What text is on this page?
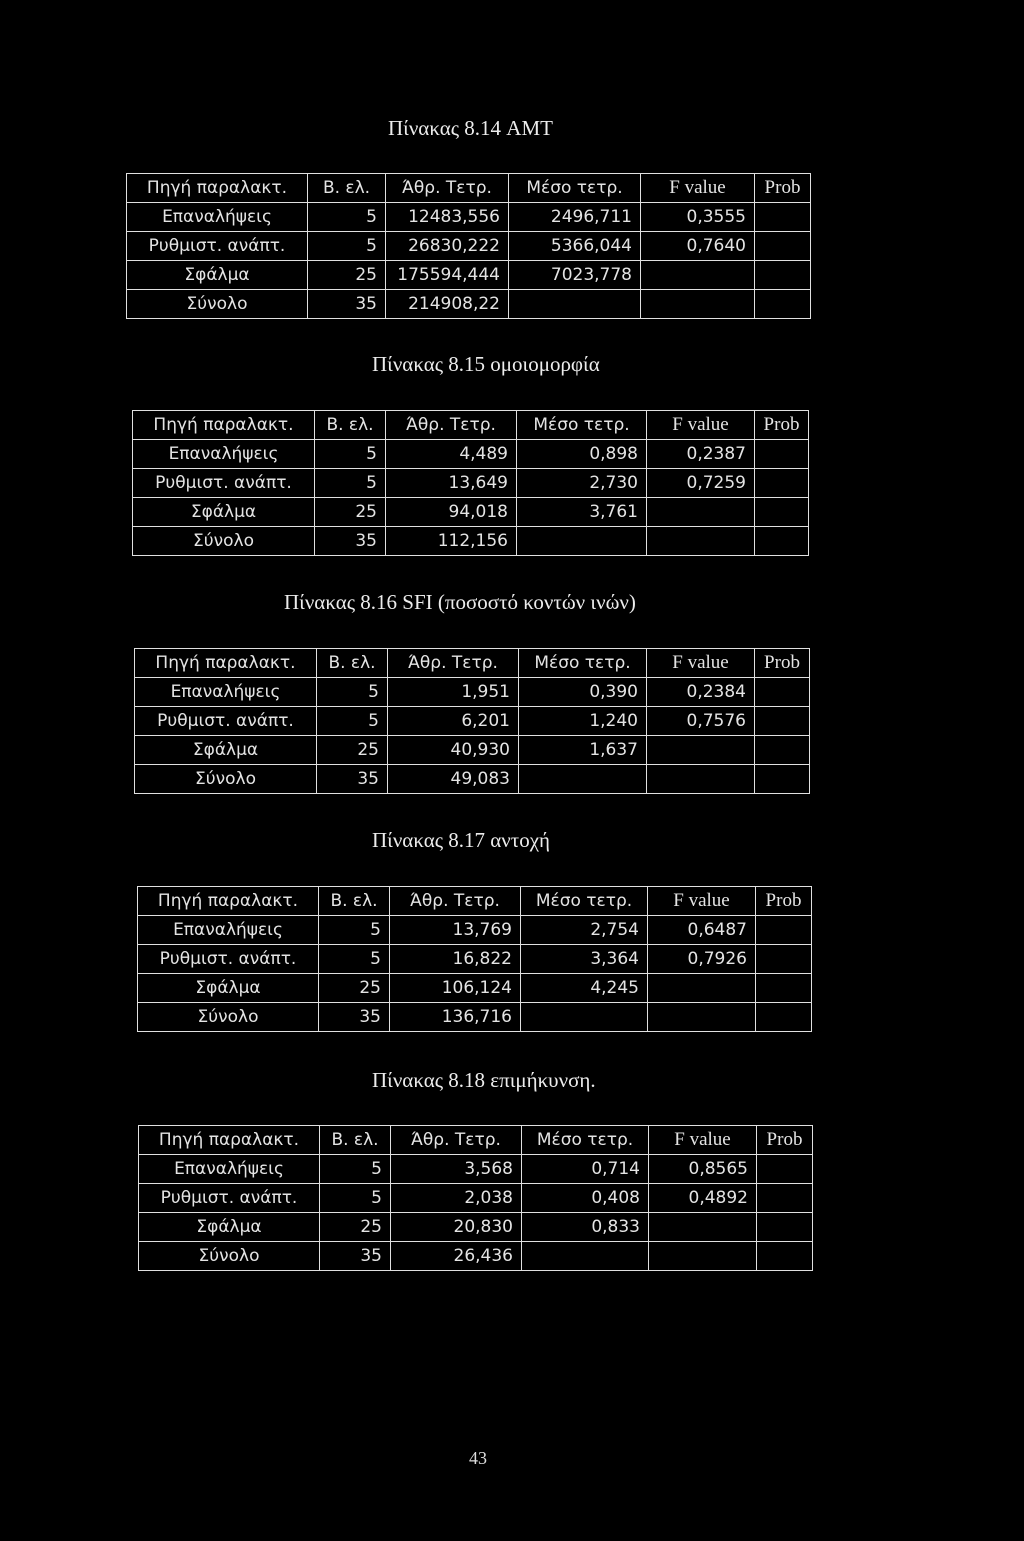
Πίνακας 8.14 AMT
Πηγή παραλακτ.	Β. ελ.	Άθρ. Τετρ.	Μέσο τετρ.	F value	Prob
Επαναλήψεις	5	12483,556	2496,711	0,3555	
Ρυθμιστ. ανάπτ.	5	26830,222	5366,044	0,7640	
Σφάλμα	25	175594,444	7023,778		
Σύνολο	35	214908,22			
Πίνακας 8.15 ομοιομορφία
Πηγή παραλακτ.	Β. ελ.	Άθρ. Τετρ.	Μέσο τετρ.	F value	Prob
Επαναλήψεις	5	4,489	0,898	0,2387	
Ρυθμιστ. ανάπτ.	5	13,649	2,730	0,7259	
Σφάλμα	25	94,018	3,761		
Σύνολο	35	112,156			
Πίνακας 8.16 SFI (ποσοστό κοντών ινών)
Πηγή παραλακτ.	Β. ελ.	Άθρ. Τετρ.	Μέσο τετρ.	F value	Prob
Επαναλήψεις	5	1,951	0,390	0,2384	
Ρυθμιστ. ανάπτ.	5	6,201	1,240	0,7576	
Σφάλμα	25	40,930	1,637		
Σύνολο	35	49,083			
Πίνακας 8.17 αντοχή
Πηγή παραλακτ.	Β. ελ.	Άθρ. Τετρ.	Μέσο τετρ.	F value	Prob
Επαναλήψεις	5	13,769	2,754	0,6487	
Ρυθμιστ. ανάπτ.	5	16,822	3,364	0,7926	
Σφάλμα	25	106,124	4,245		
Σύνολο	35	136,716			
Πίνακας 8.18 επιμήκυνση.
Πηγή παραλακτ.	Β. ελ.	Άθρ. Τετρ.	Μέσο τετρ.	F value	Prob
Επαναλήψεις	5	3,568	0,714	0,8565	
Ρυθμιστ. ανάπτ.	5	2,038	0,408	0,4892	
Σφάλμα	25	20,830	0,833		
Σύνολο	35	26,436			
43
